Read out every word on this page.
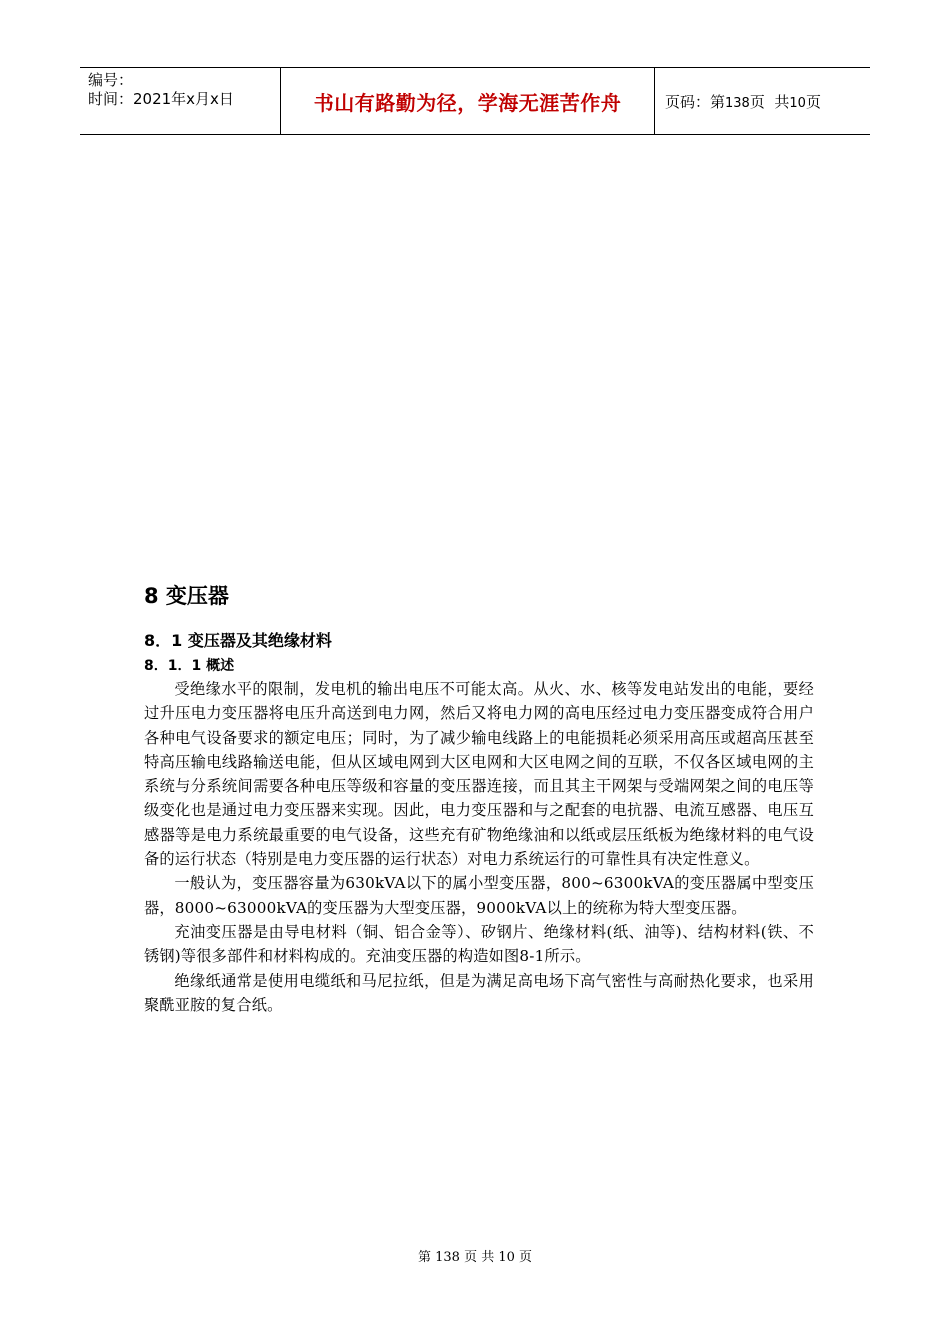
编号：
时间：2021年x月x日	书山有路勤为径，学海无涯苦作舟	页码：第138页  共10页
8 变压器
8．1 变压器及其绝缘材料
8．1．1 概述

受绝缘水平的限制，发电机的输出电压不可能太高。从火、水、核等发电站发出的电能，要经过升压电力变压器将电压升高送到电力网，然后又将电力网的高电压经过电力变压器变成符合用户各种电气设备要求的额定电压；同时，为了减少输电线路上的电能损耗必须采用高压或超高压甚至特高压输电线路输送电能，但从区域电网到大区电网和大区电网之间的互联，不仅各区域电网的主系统与分系统间需要各种电压等级和容量的变压器连接，而且其主干网架与受端网架之间的电压等级变化也是通过电力变压器来实现。因此，电力变压器和与之配套的电抗器、电流互感器、电压互感器等是电力系统最重要的电气设备，这些充有矿物绝缘油和以纸或层压纸板为绝缘材料的电气设备的运行状态（特别是电力变压器的运行状态）对电力系统运行的可靠性具有决定性意义。

一般认为，变压器容量为630kVA以下的属小型变压器，800~6300kVA的变压器属中型变压器，8000~63000kVA的变压器为大型变压器，9000kVA以上的统称为特大型变压器。

充油变压器是由导电材料（铜、铝合金等）、矽钢片、绝缘材料(纸、油等)、结构材料(铁、不锈钢)等很多部件和材料构成的。充油变压器的构造如图8-1所示。

绝缘纸通常是使用电缆纸和马尼拉纸，但是为满足高电场下高气密性与高耐热化要求，也采用聚酰亚胺的复合纸。

第 138 页 共 10 页
